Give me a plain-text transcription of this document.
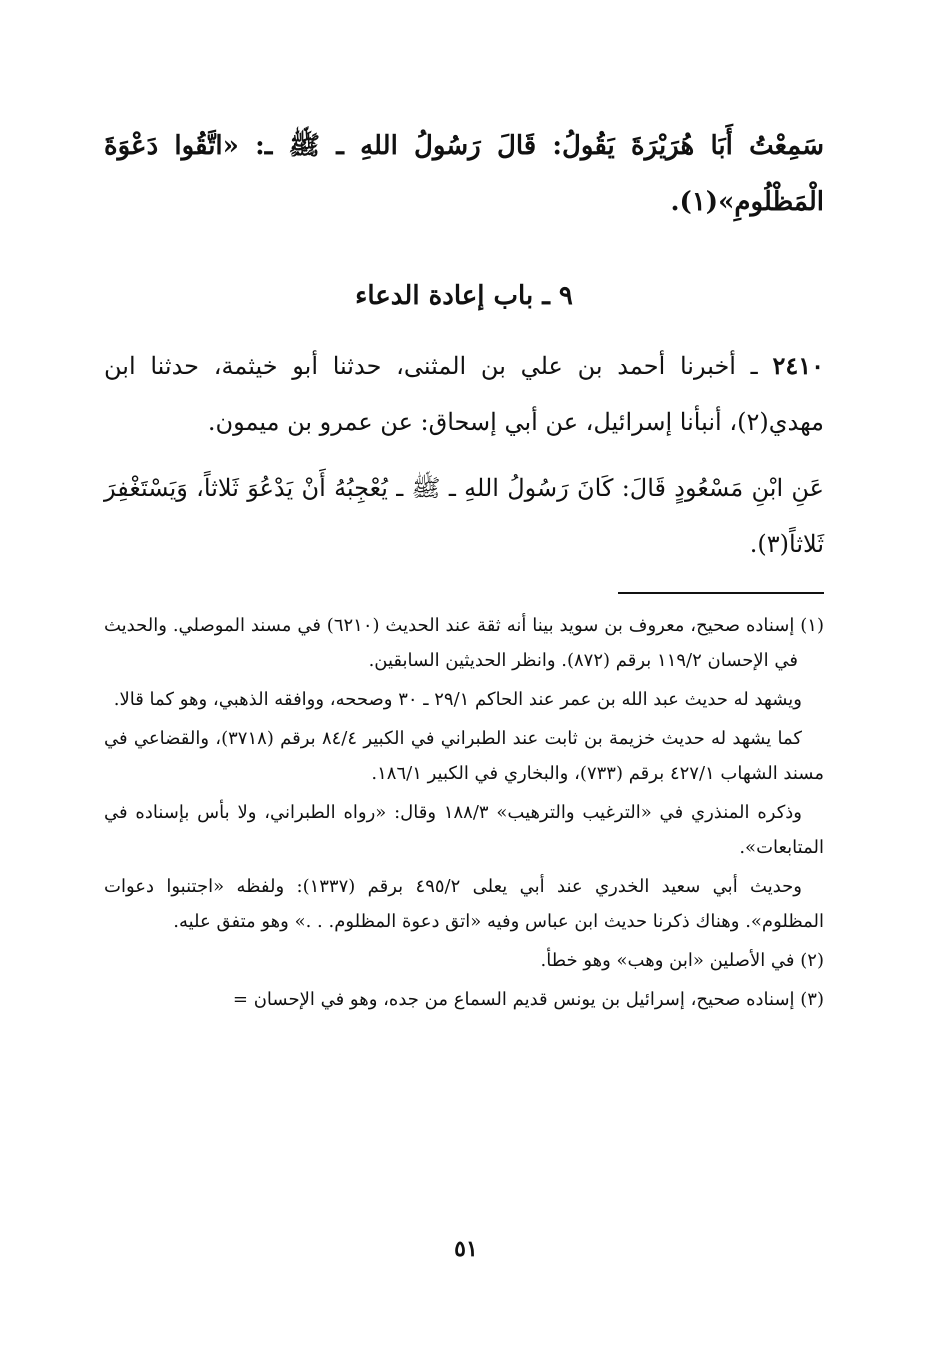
سَمِعْتُ أَبَا هُرَيْرَةَ يَقُولُ: قَالَ رَسُولُ اللهِ ـ ﷺ ـ: «اتَّقُوا دَعْوَةَ الْمَظْلُومِ»(١).

٩ ـ باب إعادة الدعاء

٢٤١٠ ـ أخبرنا أحمد بن علي بن المثنى، حدثنا أبو خيثمة، حدثنا ابن مهدي(٢)، أنبأنا إسرائيل، عن أبي إسحاق: عن عمرو بن ميمون.

عَنِ ابْنِ مَسْعُودٍ قَالَ: كَانَ رَسُولُ اللهِ ـ ﷺ ـ يُعْجِبُهُ أَنْ يَدْعُوَ ثَلاثاً، وَيَسْتَغْفِرَ ثَلاثاً(٣).

(١) إسناده صحيح، معروف بن سويد بينا أنه ثقة عند الحديث (٦٢١٠) في مسند الموصلي. والحديث في الإحسان ١١٩/٢ برقم (٨٧٢). وانظر الحديثين السابقين.

ويشهد له حديث عبد الله بن عمر عند الحاكم ٢٩/١ ـ ٣٠ وصححه، ووافقه الذهبي، وهو كما قالا.

كما يشهد له حديث خزيمة بن ثابت عند الطبراني في الكبير ٨٤/٤ برقم (٣٧١٨)، والقضاعي في مسند الشهاب ٤٢٧/١ برقم (٧٣٣)، والبخاري في الكبير ١٨٦/١.

وذكره المنذري في «الترغيب والترهيب» ١٨٨/٣ وقال: «رواه الطبراني، ولا بأس بإسناده في المتابعات».

وحديث أبي سعيد الخدري عند أبي يعلى ٤٩٥/٢ برقم (١٣٣٧): ولفظه «اجتنبوا دعوات المظلوم». وهناك ذكرنا حديث ابن عباس وفيه «اتق دعوة المظلوم. . .» وهو متفق عليه.

(٢) في الأصلين «ابن وهب» وهو خطأ.

(٣) إسناده صحيح، إسرائيل بن يونس قديم السماع من جده، وهو في الإحسان =

٥١
